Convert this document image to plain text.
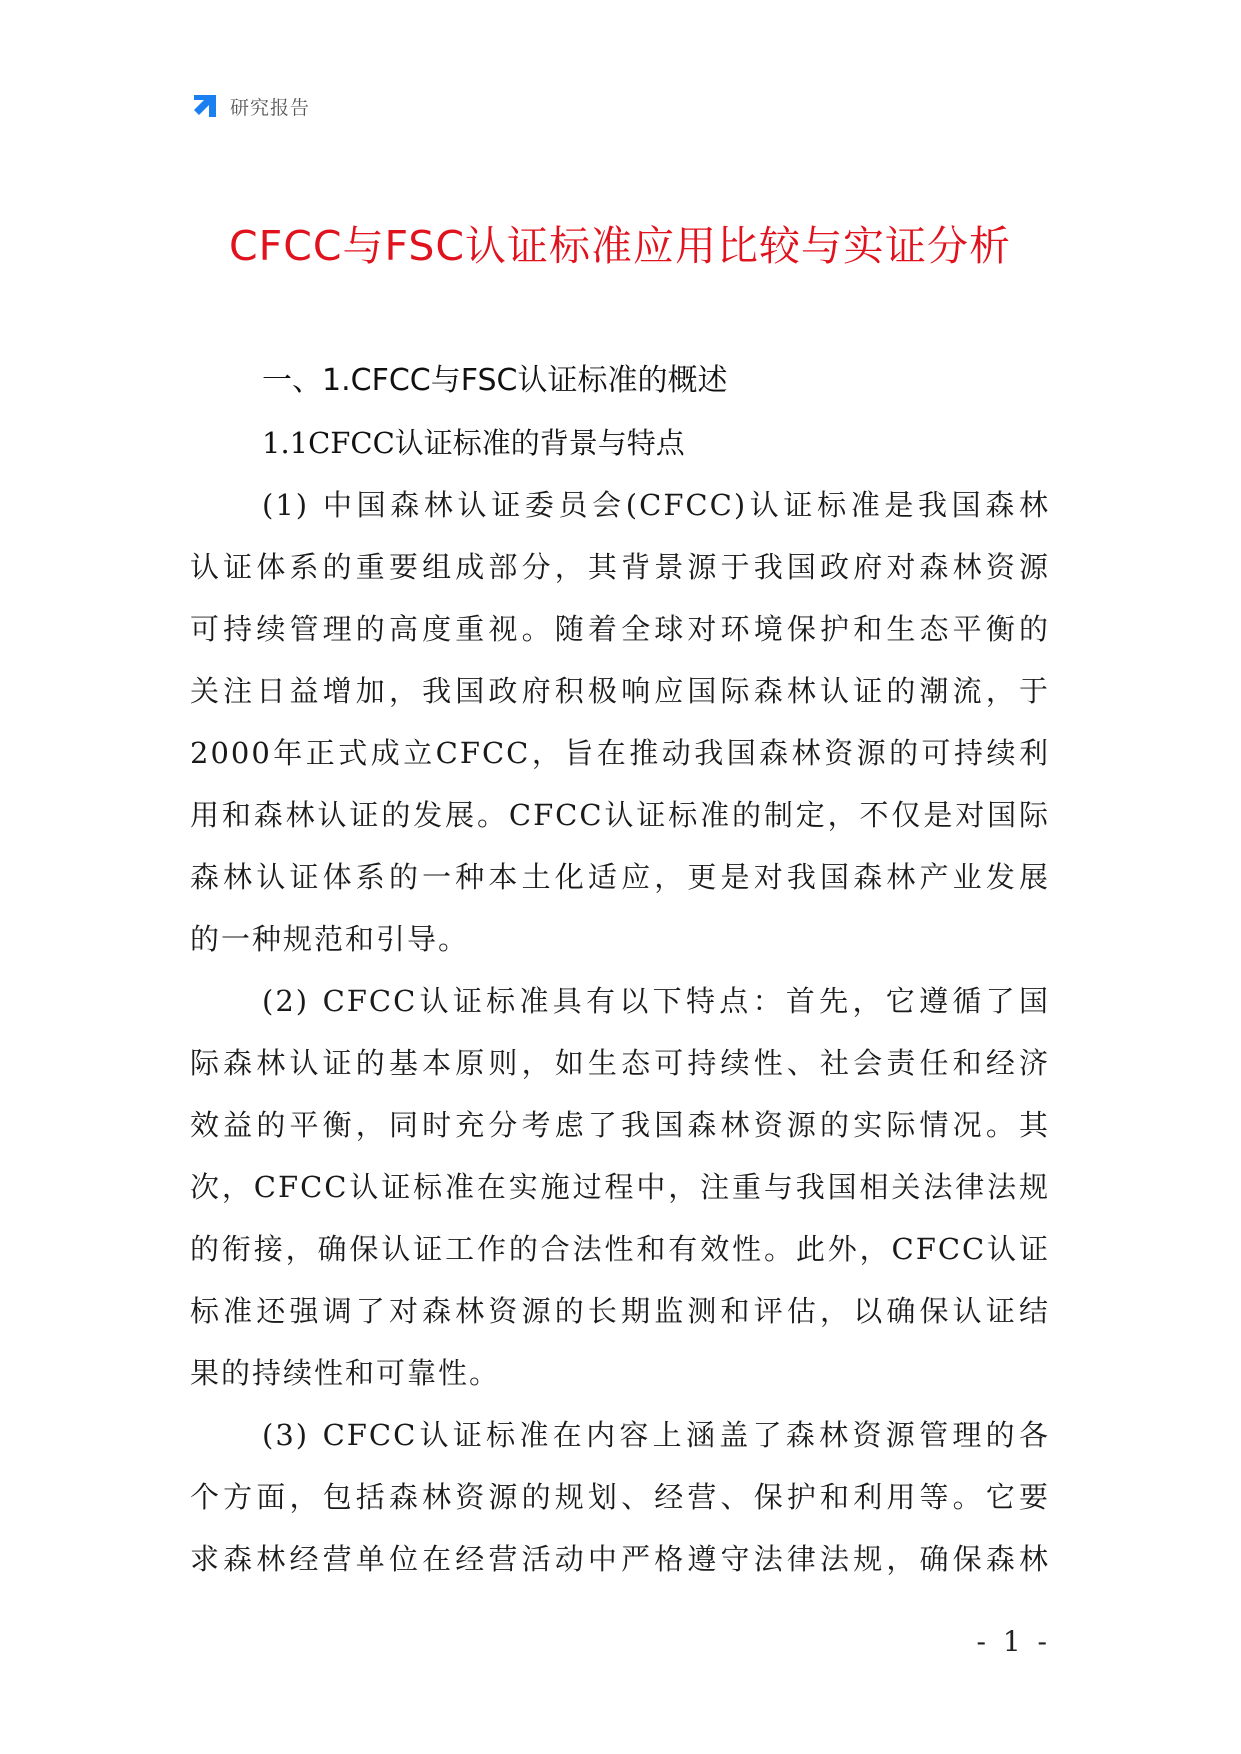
研究报告
CFCC与FSC认证标准应用比较与实证分析

一、1.CFCC与FSC认证标准的概述

1.1CFCC认证标准的背景与特点

(1) 中国森林认证委员会(CFCC)认证标准是我国森林
认证体系的重要组成部分，其背景源于我国政府对森林资源
可持续管理的高度重视。随着全球对环境保护和生态平衡的
关注日益增加，我国政府积极响应国际森林认证的潮流，于
2000年正式成立CFCC，旨在推动我国森林资源的可持续利
用和森林认证的发展。CFCC认证标准的制定，不仅是对国际
森林认证体系的一种本土化适应，更是对我国森林产业发展
的一种规范和引导。

(2) CFCC认证标准具有以下特点：首先，它遵循了国
际森林认证的基本原则，如生态可持续性、社会责任和经济
效益的平衡，同时充分考虑了我国森林资源的实际情况。其
次，CFCC认证标准在实施过程中，注重与我国相关法律法规
的衔接，确保认证工作的合法性和有效性。此外，CFCC认证
标准还强调了对森林资源的长期监测和评估，以确保认证结
果的持续性和可靠性。

(3) CFCC认证标准在内容上涵盖了森林资源管理的各
个方面，包括森林资源的规划、经营、保护和利用等。它要
求森林经营单位在经营活动中严格遵守法律法规，确保森林

- 1 -
